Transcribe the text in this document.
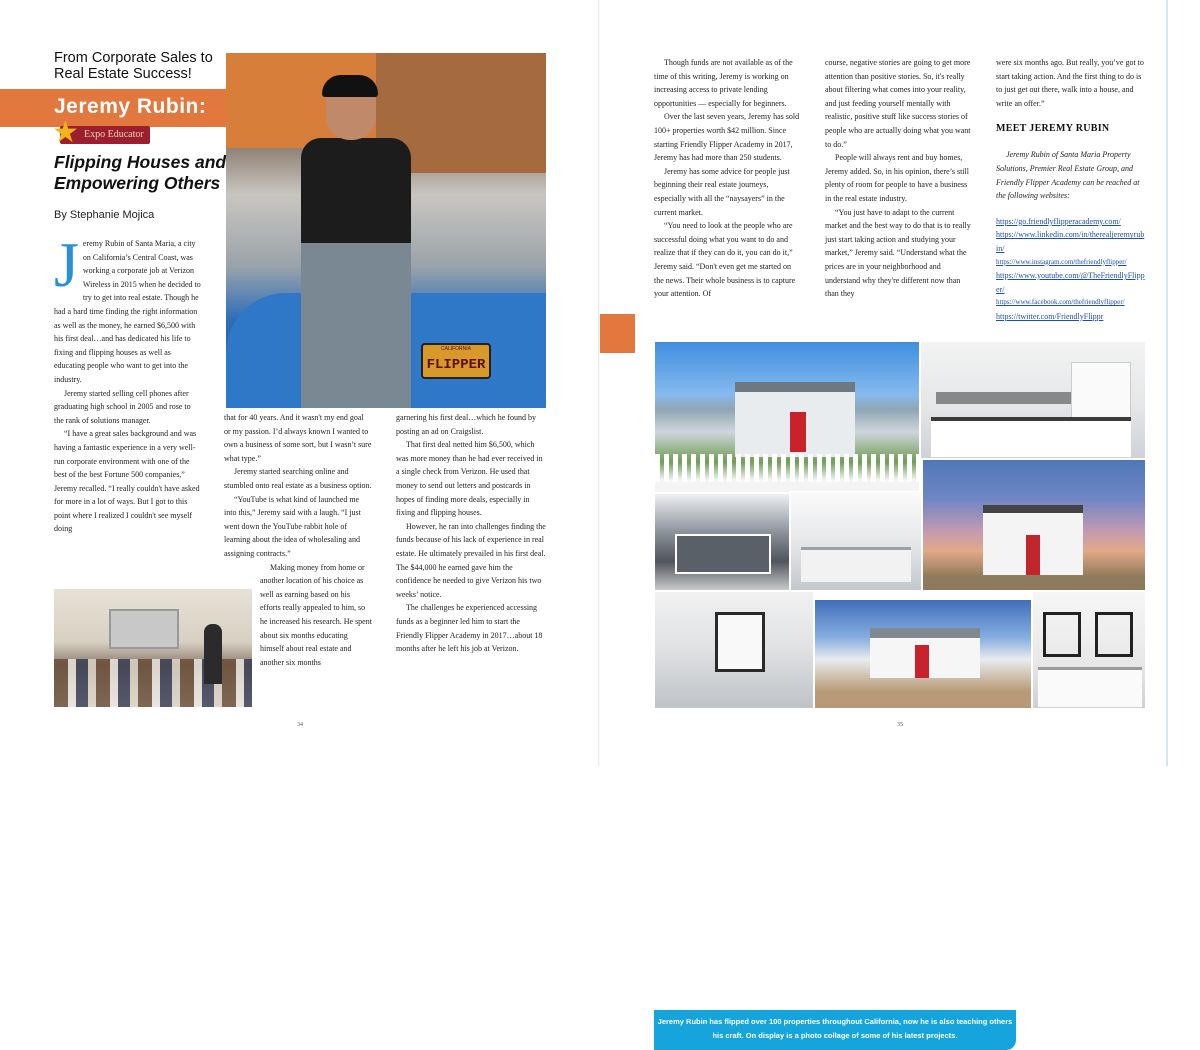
From Corporate Sales to Real Estate Success!
Jeremy Rubin:
Expo Educator
★
Flipping Houses and Empowering Others
By Stephanie Mojica

Jeremy Rubin of Santa Maria, a city on California’s Central Coast, was working a corporate job at Verizon Wireless in 2015 when he decided to try to get into real estate. Though he had a hard time finding the right information as well as the money, he earned $6,500 with his first deal…and has dedicated his life to fixing and flipping houses as well as educating people who want to get into the industry.

Jeremy started selling cell phones after graduating high school in 2005 and rose to the rank of solutions manager.

“I have a great sales background and was having a fantastic experience in a very well-run corporate environment with one of the best of the best Fortune 500 companies,” Jeremy recalled. “I really couldn't have asked for more in a lot of ways. But I got to this point where I realized I couldn't see myself doing

CALIFORNIA
FLIPPER

that for 40 years. And it wasn't my end goal or my passion. I’d always known I wanted to own a business of some sort, but I wasn’t sure what type.”

Jeremy started searching online and stumbled onto real estate as a business option.

“YouTube is what kind of launched me into this,” Jeremy said with a laugh. “I just went down the YouTube rabbit hole of learning about the idea of wholesaling and assigning contracts.”

Making money from home or another location of his choice as well as earning based on his efforts really appealed to him, so he increased his research. He spent about six months educating himself about real estate and another six months

garnering his first deal…which he found by posting an ad on Craigslist.

That first deal netted him $6,500, which was more money than he had ever received in a single check from Verizon. He used that money to send out letters and postcards in hopes of finding more deals, especially in fixing and flipping houses.

However, he ran into challenges finding the funds because of his lack of experience in real estate. He ultimately prevailed in his first deal. The $44,000 he earned gave him the confidence he needed to give Verizon his two weeks’ notice.

The challenges he experienced accessing funds as a beginner led him to start the Friendly Flipper Academy in 2017…about 18 months after he left his job at Verizon.

34

Though funds are not available as of the time of this writing, Jeremy is working on increasing access to private lending opportunities — especially for beginners.

Over the last seven years, Jeremy has sold 100+ properties worth $42 million. Since starting Friendly Flipper Academy in 2017, Jeremy has had more than 250 students.

Jeremy has some advice for people just beginning their real estate journeys, especially with all the “naysayers” in the current market.

“You need to look at the people who are successful doing what you want to do and realize that if they can do it, you can do it,” Jeremy said. “Don't even get me started on the news. Their whole business is to capture your attention. Of

course, negative stories are going to get more attention than positive stories. So, it's really about filtering what comes into your reality, and just feeding yourself mentally with realistic, positive stuff like success stories of people who are actually doing what you want to do.”

People will always rent and buy homes, Jeremy added. So, in his opinion, there’s still plenty of room for people to have a business in the real estate industry.

“You just have to adapt to the current market and the best way to do that is to really just start taking action and studying your market,” Jeremy said. “Understand what the prices are in your neighborhood and understand why they're different now than than they

were six months ago. But really, you’ve got to start taking action. And the first thing to do is to just get out there, walk into a house, and write an offer.”

MEET JEREMY RUBIN

Jeremy Rubin of Santa Maria Property Solutions, Premier Real Estate Group, and Friendly Flipper Academy can be reached at the following websites:

https://go.friendlyflipperacademy.com/
https://www.linkedin.com/in/therealjeremyrubin/
https://www.instagram.com/thefriendlyflipper/
https://www.youtube.com/@TheFriendlyFlipper/
https://www.facebook.com/thefriendlyflipper/
https://twitter.com/FriendlyFlippr
Jeremy Rubin has flipped over 100 properties throughout California, now he is also teaching others his craft. On display is a photo collage of some of his latest projects.
35
